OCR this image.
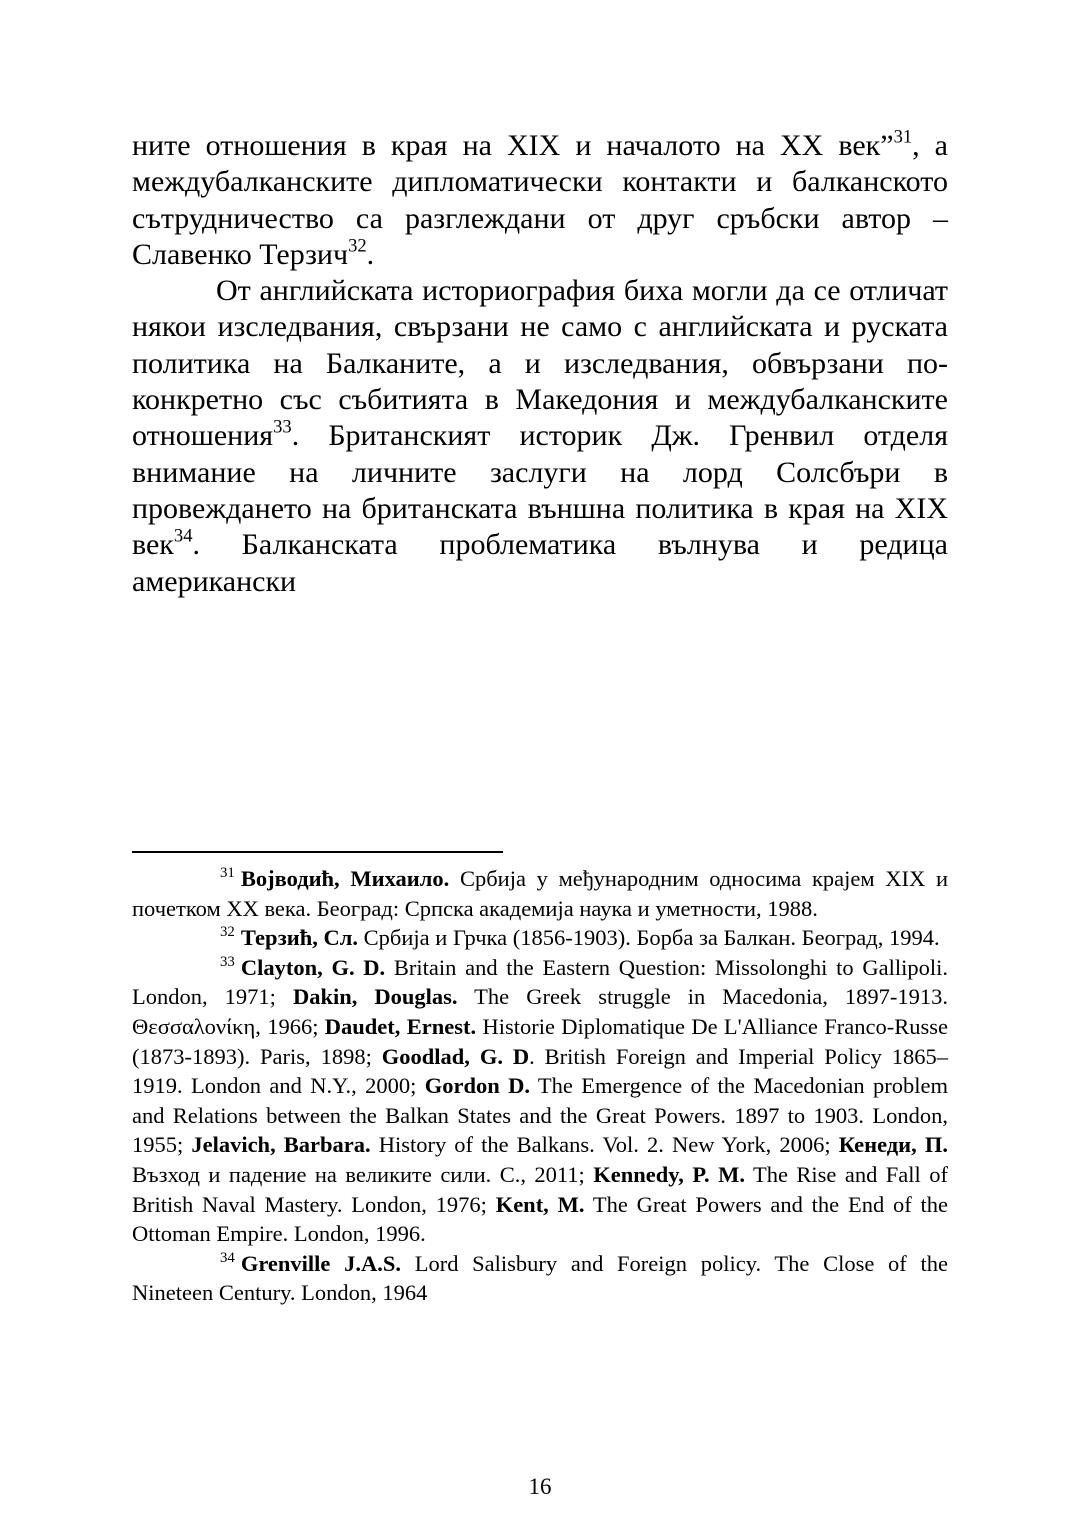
ните отношения в края на XIX и началото на XX век”$^{31}$, а междубалканските дипломатически контакти и балканското сътрудничество са разглеждани от друг сръбски автор – Славенко Терзич$^{32}$.

От английската историография биха могли да се отличат някои изследвания, свързани не само с английската и руската политика на Балканите, а и изследвания, обвързани по-конкретно със събитията в Македония и междубалканските отношения$^{33}$. Британският историк Дж. Гренвил отделя внимание на личните заслуги на лорд Солсбъри в провеждането на британската външна политика в края на XIX век$^{34}$. Балканската проблематика вълнува и редица американски

$^{31}$ Војводић, Михаило. Србија у међународним односима крајем XIX и почетком XX века. Београд: Српска академија наука и уметности, 1988.

$^{32}$ Терзић, Сл. Србија и Грчка (1856-1903). Борба за Балкан. Београд, 1994.

$^{33}$ Clayton, G. D. Britain and the Eastern Question: Missolonghi to Gallipoli. London, 1971; Dakin, Douglas. The Greek struggle in Macedonia, 1897-1913. Θεσσαλονίκη, 1966; Daudet, Ernest. Historie Diplomatique De L'Alliance Franco-Russe (1873-1893). Paris, 1898; Goodlad, G. D. British Foreign and Imperial Policy 1865–1919. London and N.Y., 2000; Gordon D. The Emergence of the Macedonian problem and Relations between the Balkan States and the Great Powers. 1897 to 1903. London, 1955; Jelavich, Barbara. History of the Balkans. Vol. 2. New York, 2006; Кенеди, П. Възход и падение на великите сили. С., 2011; Kennedy, P. M. The Rise and Fall of British Naval Mastery. London, 1976; Kent, M. The Great Powers and the End of the Ottoman Empire. London, 1996.

$^{34}$ Grenville J.A.S. Lord Salisbury and Foreign policy. The Close of the Nineteen Century. London, 1964

16
